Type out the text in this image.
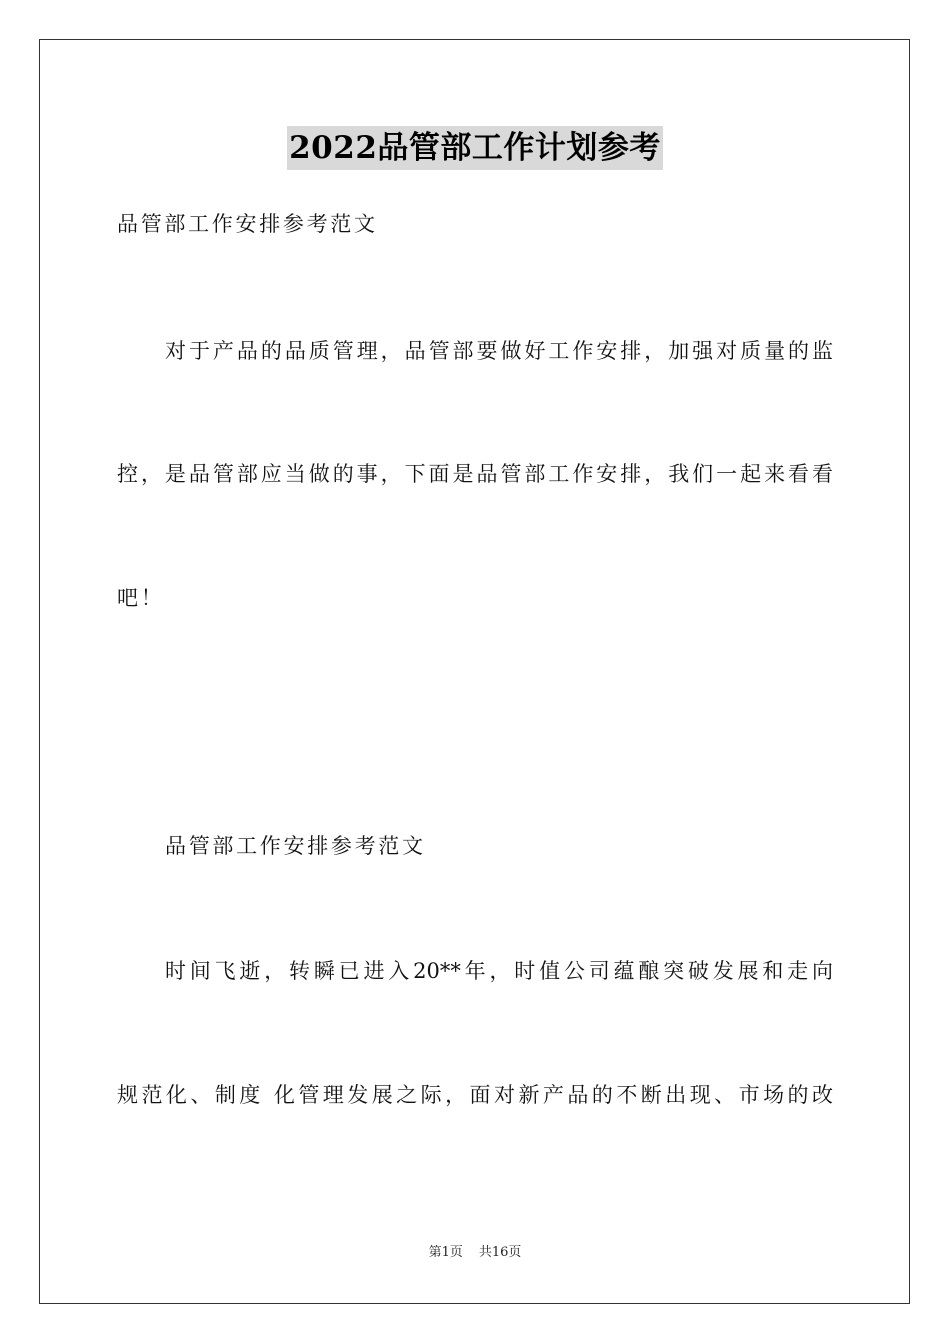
2022品管部工作计划参考
品管部工作安排参考范文
对于产品的品质管理，品管部要做好工作安排，加强对质量的监
控，是品管部应当做的事，下面是品管部工作安排，我们一起来看看
吧！
品管部工作安排参考范文
时间飞逝，转瞬已进入20**年，时值公司蕴酿突破发展和走向
规范化、制度 化管理发展之际，面对新产品的不断出现、市场的改
第1页 共16页
